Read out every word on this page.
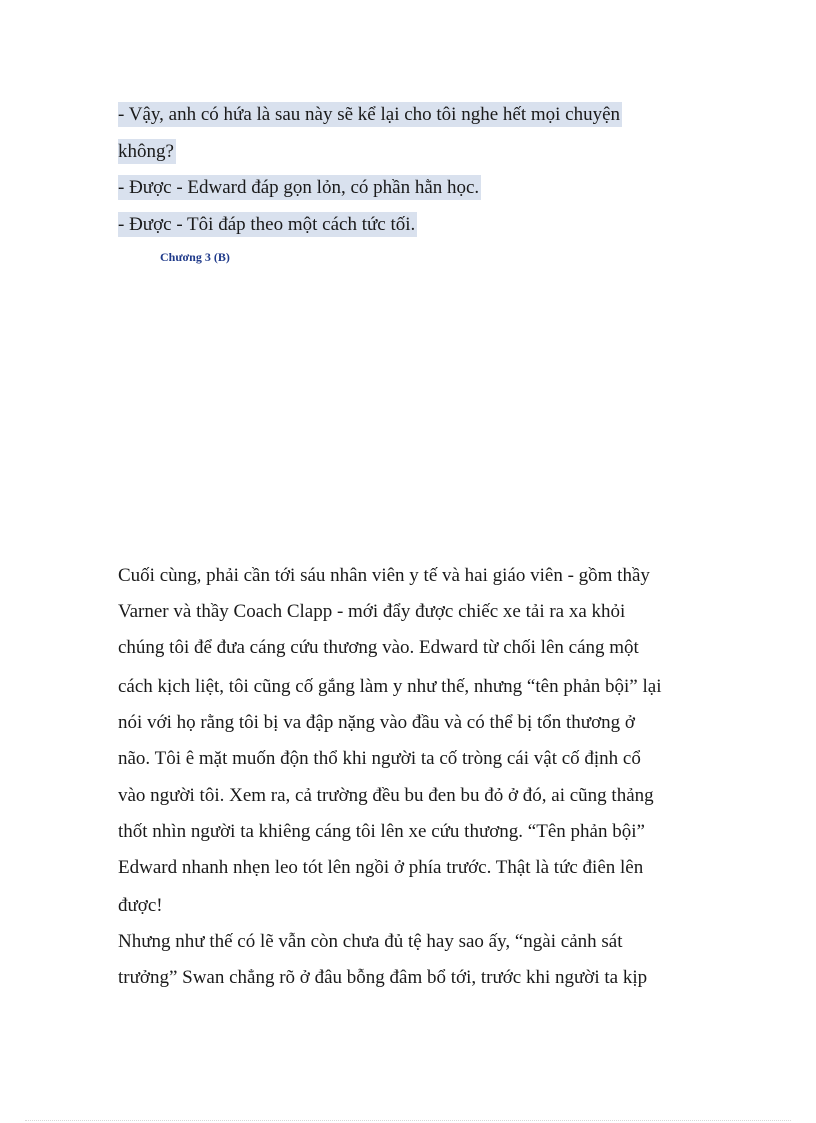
- Vậy, anh có hứa là sau này sẽ kể lại cho tôi nghe hết mọi chuyện
không?
- Được - Edward đáp gọn lỏn, có phần hằn học.
- Được - Tôi đáp theo một cách tức tối.
Chương 3 (B)
Cuối cùng, phải cần tới sáu nhân viên y tế và hai giáo viên - gồm thầy
Varner và thầy Coach Clapp - mới đẩy được chiếc xe tải ra xa khỏi
chúng tôi để đưa cáng cứu thương vào. Edward từ chối lên cáng một
cách kịch liệt, tôi cũng cố gắng làm y như thế, nhưng “tên phản bội” lại
nói với họ rằng tôi bị va đập nặng vào đầu và có thể bị tổn thương ở
não. Tôi ê mặt muốn độn thổ khi người ta cố tròng cái vật cố định cổ
vào người tôi. Xem ra, cả trường đều bu đen bu đỏ ở đó, ai cũng thảng
thốt nhìn người ta khiêng cáng tôi lên xe cứu thương. “Tên phản bội”
Edward nhanh nhẹn leo tót lên ngồi ở phía trước. Thật là tức điên lên
được!
Nhưng như thế có lẽ vẫn còn chưa đủ tệ hay sao ấy, “ngài cảnh sát
trưởng” Swan chẳng rõ ở đâu bỗng đâm bổ tới, trước khi người ta kịp
